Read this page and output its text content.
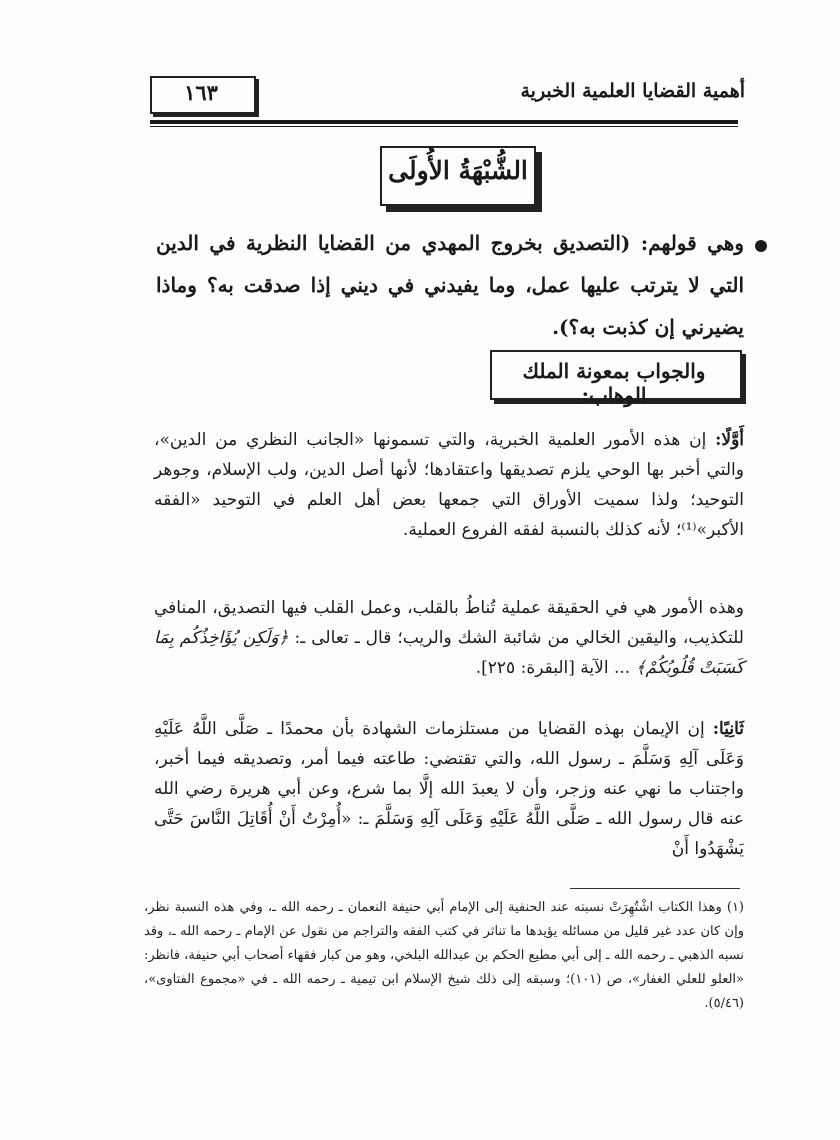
أهمية القضايا العلمية الخبرية
١٦٣
الشُّبْهَةُ الأُولَى
وهي قولهم: (التصديق بخروج المهدي من القضايا النظرية في الدين التي لا يترتب عليها عمل، وما يفيدني في ديني إذا صدقت به؟ وماذا يضيرني إن كذبت به؟).
والجواب بمعونة الملك الوهاب:
أَوَّلًا: إن هذه الأمور العلمية الخبرية، والتي تسمونها «الجانب النظري من الدين»، والتي أخبر بها الوحي يلزم تصديقها واعتقادها؛ لأنها أصل الدين، ولب الإسلام، وجوهر التوحيد؛ ولذا سميت الأوراق التي جمعها بعض أهل العلم في التوحيد «الفقه الأكبر»⁽¹⁾؛ لأنه كذلك بالنسبة لفقه الفروع العملية.
وهذه الأمور هي في الحقيقة عملية تُناطُ بالقلب، وعمل القلب فيها التصديق، المنافي للتكذيب، واليقين الخالي من شائبة الشك والريب؛ قال ـ تعالى ـ: ﴿وَلَكِن يُؤَاخِذُكُم بِمَا كَسَبَتْ قُلُوبُكُمْ﴾ ... الآية [البقرة: ٢٢٥].
ثَانِيًا: إن الإيمان بهذه القضايا من مستلزمات الشهادة بأن محمدًا ـ صَلَّى اللَّهُ عَلَيْهِ وَعَلَى آلِهِ وَسَلَّمَ ـ رسول الله، والتي تقتضي: طاعته فيما أمر، وتصديقه فيما أخبر، واجتناب ما نهي عنه وزجر، وأن لا يعبدَ الله إلَّا بما شرع، وعن أبي هريرة رضي الله عنه قال رسول الله ـ صَلَّى اللَّهُ عَلَيْهِ وَعَلَى آلِهِ وَسَلَّمَ ـ: «أُمِرْتُ أَنْ أُقَاتِلَ النَّاسَ حَتَّى يَشْهَدُوا أَنْ
(١) وهذا الكتاب اشْتُهِرَتْ نسبته عند الحنفية إلى الإمام أبي حنيفة النعمان ـ رحمه الله ـ، وفي هذه النسبة نظر، وإن كان عدد غير قليل من مسائله يؤيدها ما تناثر في كتب الفقه والتراجم من نقول عن الإمام ـ رحمه الله ـ، وقد نسبه الذهبي ـ رحمه الله ـ إلى أبي مطيع الحكم بن عبدالله البلخي، وهو من كبار فقهاء أصحاب أبي حنيفة، فانظر: «العلو للعلي الغفار»، ص (١٠١)؛ وسبقه إلى ذلك شيخ الإسلام ابن تيمية ـ رحمه الله ـ في «مجموع الفتاوى»، (٥/٤٦).
